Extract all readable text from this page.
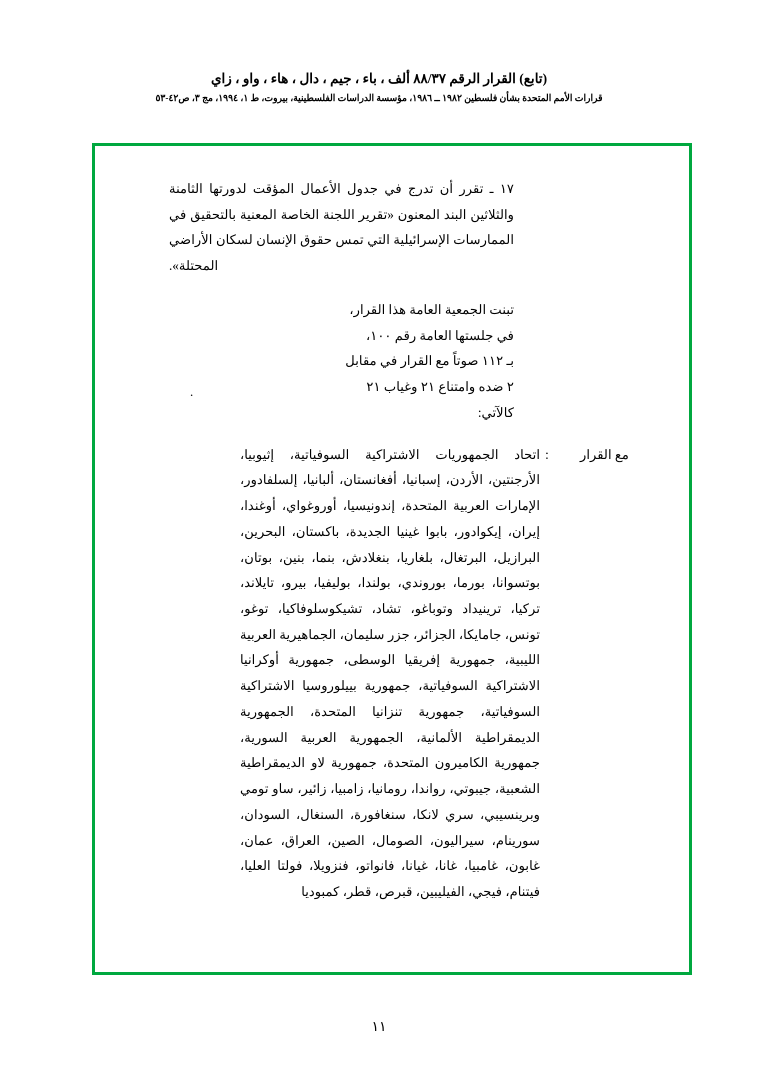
(تابع) القرار الرقم ٨٨/٣٧ ألف ، باء ، جيم ، دال ، هاء ، واو ، زاي
قرارات الأمم المتحدة بشأن فلسطين ١٩٨٢ ــ ١٩٨٦، مؤسسة الدراسات الفلسطينية، بيروت، ط ١، ١٩٩٤، مج ٣، ص٤٢-٥٣

١٧ ـ تقرر أن تدرج في جدول الأعمال المؤقت لدورتها الثامنة والثلاثين البند المعنون «تقرير اللجنة الخاصة المعنية بالتحقيق في الممارسات الإسرائيلية التي تمس حقوق الإنسان لسكان الأراضي المحتلة».

تبنت الجمعية العامة هذا القرار،
في جلستها العامة رقم ١٠٠،
بـ ١١٢ صوتاً مع القرار في مقابل
٢ ضده وامتناع ٢١ وغياب ٢١
كالآتي:
مع القرار
:
اتحاد الجمهوريات الاشتراكية السوفياتية، إثيوبيا، الأرجنتين، الأردن، إسبانيا، أفغانستان، ألبانيا، إلسلفادور، الإمارات العربية المتحدة، إندونيسيا، أوروغواي، أوغندا، إيران، إيكوادور، بابوا غينيا الجديدة، باكستان، البحرين، البرازيل، البرتغال، بلغاريا، بنغلادش، بنما، بنين، بوتان، بوتسوانا، بورما، بوروندي، بولندا، بوليفيا، بيرو، تايلاند، تركيا، ترينيداد وتوباغو، تشاد، تشيكوسلوفاكيا، توغو، تونس، جامايكا، الجزائر، جزر سليمان، الجماهيرية العربية الليبية، جمهورية إفريقيا الوسطى، جمهورية أوكرانيا الاشتراكية السوفياتية، جمهورية بييلوروسيا الاشتراكية السوفياتية، جمهورية تنزانيا المتحدة، الجمهورية الديمقراطية الألمانية، الجمهورية العربية السورية، جمهورية الكاميرون المتحدة، جمهورية لاو الديمقراطية الشعبية، جيبوتي، رواندا، رومانيا، زامبيا، زائير، ساو تومي وبرينسيبي، سري لانكا، سنغافورة، السنغال، السودان، سورينام، سيراليون، الصومال، الصين، العراق، عمان، غابون، غامبيا، غانا، غيانا، فانواتو، فنزويلا، فولتا العليا، فيتنام، فيجي، الفيليبين، قبرص، قطر، كمبوديا
.
١١
